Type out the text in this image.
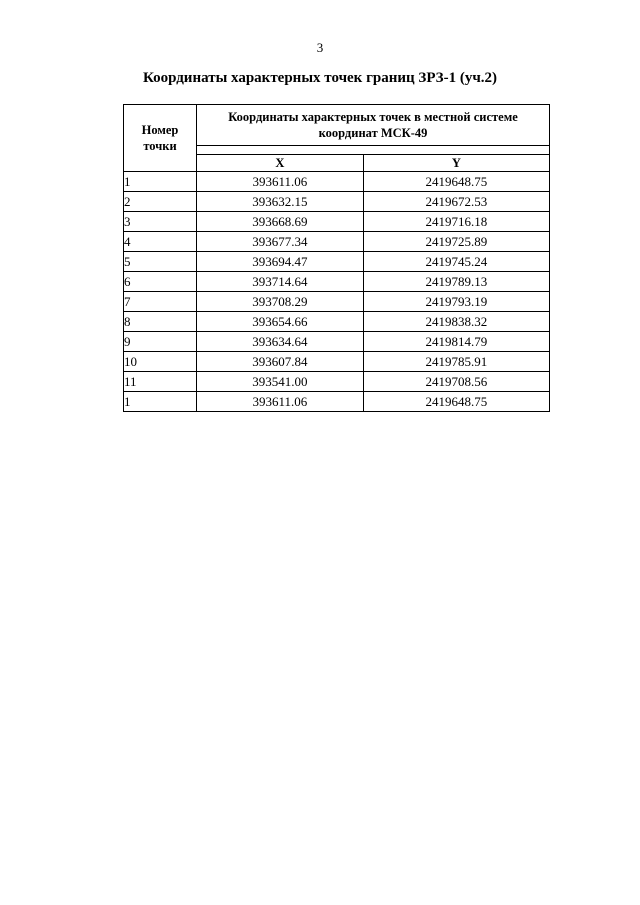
3
Координаты характерных точек границ ЗРЗ-1 (уч.2)
Номер
точки	Координаты характерных точек в местной системе
координат МСК-49	

	X	Y
1	393611.06	2419648.75
2	393632.15	2419672.53
3	393668.69	2419716.18
4	393677.34	2419725.89
5	393694.47	2419745.24
6	393714.64	2419789.13
7	393708.29	2419793.19
8	393654.66	2419838.32
9	393634.64	2419814.79
10	393607.84	2419785.91
11	393541.00	2419708.56
1	393611.06	2419648.75
